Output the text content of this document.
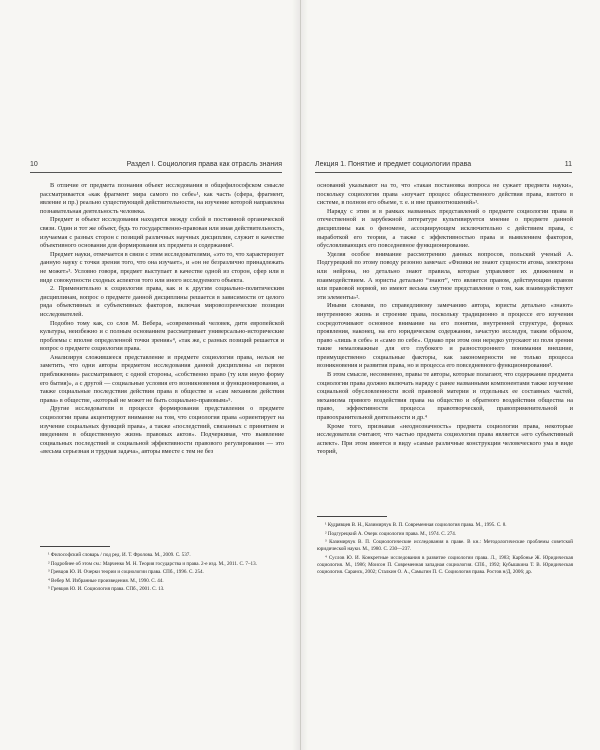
10	Раздел I. Социология права как отрасль знания

В отличие от предмета познания объект исследования в общефилософском смысле рассматривается «как фрагмент мира самого по себе»¹, как часть (сфера, фрагмент, явление и пр.) реально существующей действительности, на изучение которой направлена познавательная деятельность человека.

Предмет и объект исследования находятся между собой в постоянной органической связи. Один и тот же объект, будь то государственно-правовая или иная действительность, изучаемая с разных сторон с позиций различных научных дисциплин, служит в качестве объективного основания для формирования их предмета и содержания².

Предмет науки, отмечается в связи с этим исследователями, «это то, что характеризует данную науку с точки зрения того, что она изучает», и «он не безразлично принадлежать не может»³. Условно говоря, предмет выступает в качестве одной из сторон, сфер или в виде совокупности сходных аспектов того или иного исследуемого объекта.

2. Применительно к социологии права, как и к другим социально-политическим дисциплинам, вопрос о предмете данной дисциплины решается в зависимости от целого ряда объективных и субъективных факторов, включая мировоззренческие позиции исследователей.

Подобно тому как, со слов М. Вебера, «современный человек, дитя европейской культуры, неизбежно и с полным основанием рассматривает универсально-исторические проблемы с вполне определенной точки зрения»⁴, «так же, с разных позиций решается и вопрос о предмете социологии права.

Анализируя сложившееся представление и предмете социологии права, нельзя не заметить, что одни авторы предметом исследования данной дисциплины «в первом приближении» рассматривают, с одной стороны, «собственно право (ту или иную форму его бытия)», а с другой — социальные условия его возникновения и функционирования, а также социальные последствия действия права в обществе и «сам механизм действия права» в обществе, «который не может не быть социально-правовым»⁵.

Другие исследователи в процессе формирования представления о предмете социологии права акцентируют внимание на том, что социология права «ориентирует на изучение социальных функций права», а также «последствий, связанных с принятием и введением в общественную жизнь правовых актов». Подчеркивая, что выявление социальных последствий и социальной эффективности правового регулирования — это «весьма серьезная и трудная задача», авторы вместе с тем не без

¹ Философский словарь / под ред. И. Т. Фролова. М., 2009. С. 537.

² Подробнее об этом см.: Марченко М. Н. Теория государства и права. 2-е изд. М., 2011. С. 7–13.

³ Гревцов Ю. И. Очерки теории и социологии права. СПб., 1996. С. 254.

⁴ Вебер М. Избранные произведения. М., 1990. С. 44.

⁵ Гревцов Ю. И. Социология права. СПб., 2001. С. 13.

Лекция 1. Понятие и предмет социологии права	11

оснований указывают на то, что «такая постановка вопроса не сужает предмета науки», поскольку социология права «изучает процесс общественного действия права, взятого в системе, в полном его объеме, т. е. и вне правоотношений»¹.

Наряду с этим и в рамках названных представлений о предмете социологии права в отечественной и зарубежной литературе культивируется мнение о предмете данной дисциплины как о феномене, ассоциирующем исключительно с действием права, с выработкой его теории, а также с эффективностью права и выявлением факторов, обусловливающих его повседневное функционирование.

Уделяя особое внимание рассмотрению данных вопросов, польский ученый А. Подгурецкий по этому поводу резонно замечал: «Физики не знают сущности атома, электрона или нейрона, но детально знают правила, которые управляют их движением и взаимодействием. А юристы детально “знают”, что является правом, действующим правом или правовой нормой, но имеют весьма смутное представление о том, как взаимодействуют эти элементы»².

Иными словами, по справедливому замечанию автора, юристы детально «знают» внутреннюю жизнь и строение права, поскольку традиционно в процессе его изучения сосредоточивают основное внимание на его понятии, внутренней структуре, формах проявления, наконец, на его юридическом содержании, зачастую исследуя, таким образом, право «лишь в себе» и «само по себе». Однако при этом они нередко упускают из поля зрения такие немаловажные для его глубокого и разностороннего понимания внешние, преимущественно социальные факторы, как закономерности не только процесса возникновения и развития права, но и процесса его повседневного функционирования³.

В этом смысле, несомненно, правы те авторы, которые полагают, что содержание предмета социологии права должно включать наряду с ранее названными компонентами также изучение социальной обусловленности всей правовой материи и отдельных ее составных частей, механизма прямого воздействия права на общество и обратного воздействия общества на право, эффективности процесса правотворческой, правоприменительной и правоохранительной деятельности и др.⁴

Кроме того, признавая «неоднозначность» предмета социологии права, некоторые исследователи считают, что частью предмета социологии права является «его субъективный аспект». При этом имеется в виду «самые различные конструкции человеческого ума в виде теорий,

¹ Кудрявцев В. Н., Казимирчук В. П. Современная социология права. М., 1995. С. 8.

² Подгурецкий А. Очерк социологии права. М., 1974. С. 274.

³ Казимирчук В. П. Социологические исследования в праве. В кн.: Методологические проблемы советской юридической науки. М., 1980. С. 230—237.

⁴ Суслов Ю. И. Конкретные исследования в развитие социологии права. Л., 1983; Карбонье Ж. Юридическая социология. М., 1986; Моисон П. Современная западная социология. СПб., 1992; Кубышкина Т. В. Юридическая социология. Саранск, 2002; Сталкин О. А., Самыгин П. С. Социология права. Ростов н/Д, 2006; др.
